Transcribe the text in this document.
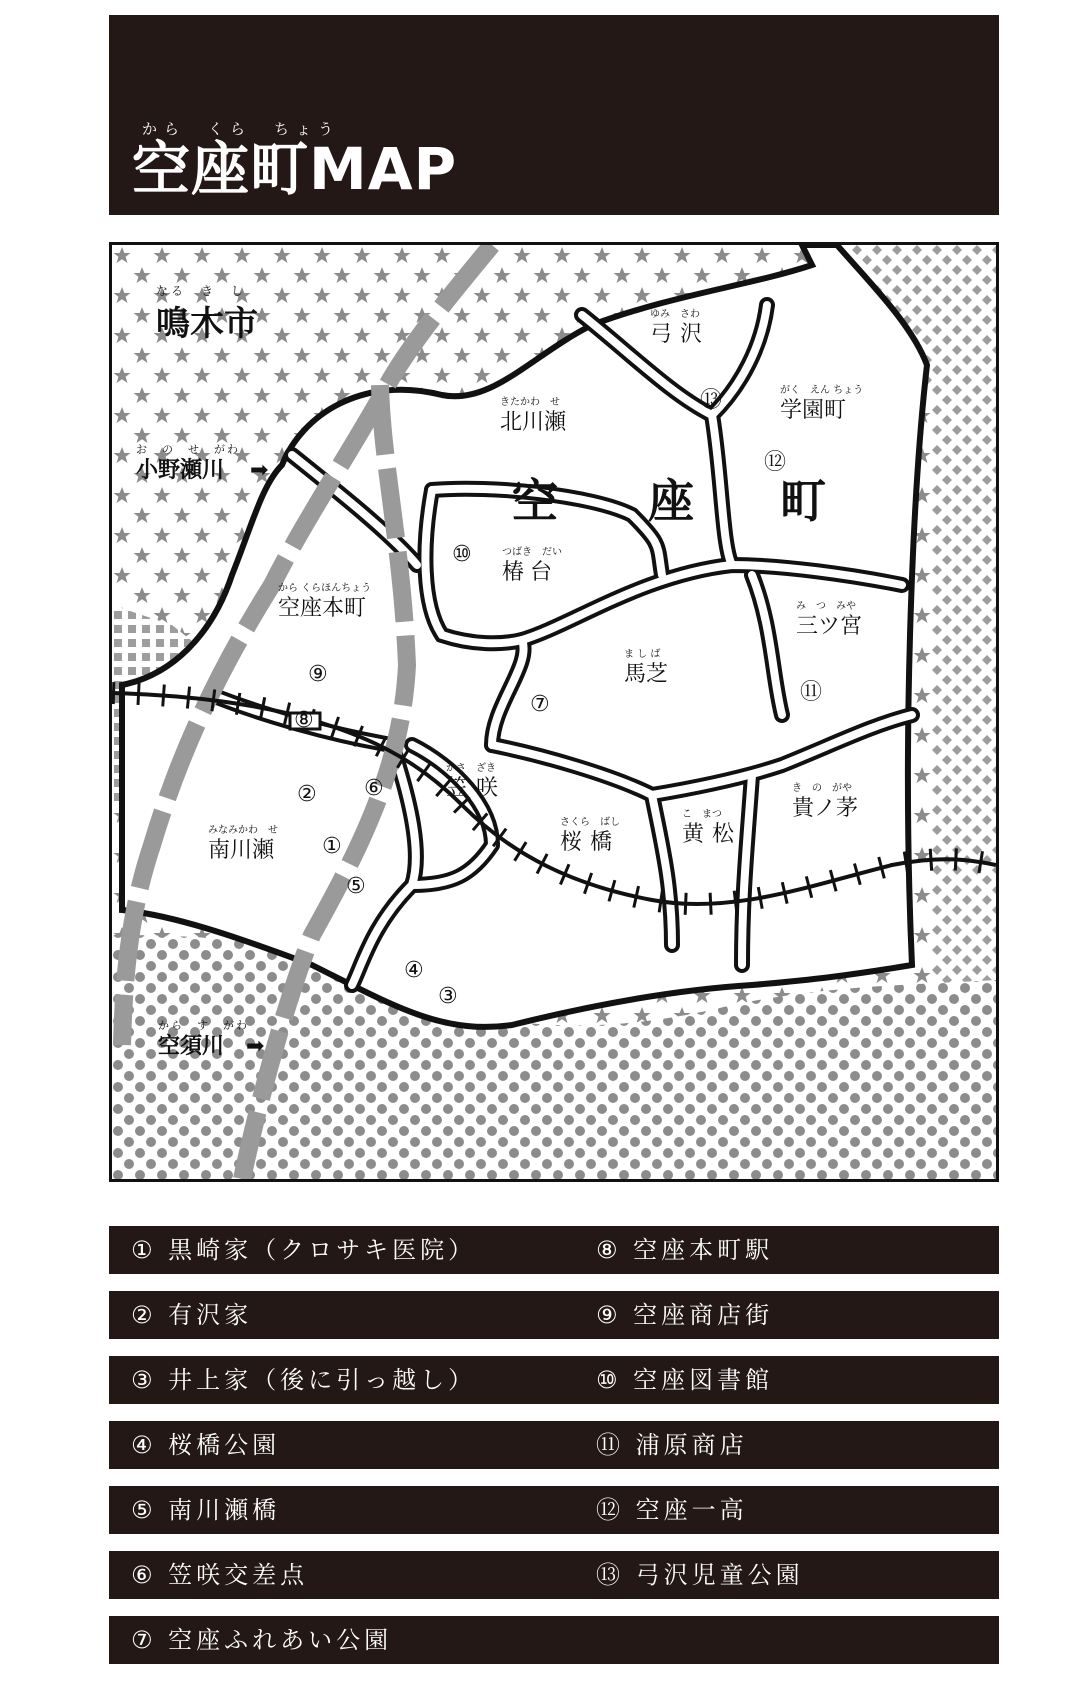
から　くら　ちょう
空座町MAP
なる　き　し
鳴木市
お　の　せ　がわ
小野瀬川 ➡
から　す　がわ
空須川 ➡
空 座 町
ゆみ　さわ
弓沢
がく　えん ちょう
学園町
きたかわ　せ
北川瀬
つばき　だい
椿台
から くらほんちょう
空座本町	み　つ　みや
三ツ宮
ま し ば
馬芝
かさ　ざき
笠咲
さくら　ばし
桜橋
こ　まつ
黄松
き　の　がや
貴ノ茅
みなみかわ　せ
南川瀬 ①
②
③
④
⑤
⑥
⑦
⑧
⑨
⑩
⑪
⑫
⑬
① 黒崎家（クロサキ医院）	⑧ 空座本町駅
② 有沢家	⑨ 空座商店街
③ 井上家（後に引っ越し）	⑩ 空座図書館
④ 桜橋公園	⑪ 浦原商店
⑤ 南川瀬橋	⑫ 空座一高
⑥ 笠咲交差点	⑬ 弓沢児童公園
⑦ 空座ふれあい公園
